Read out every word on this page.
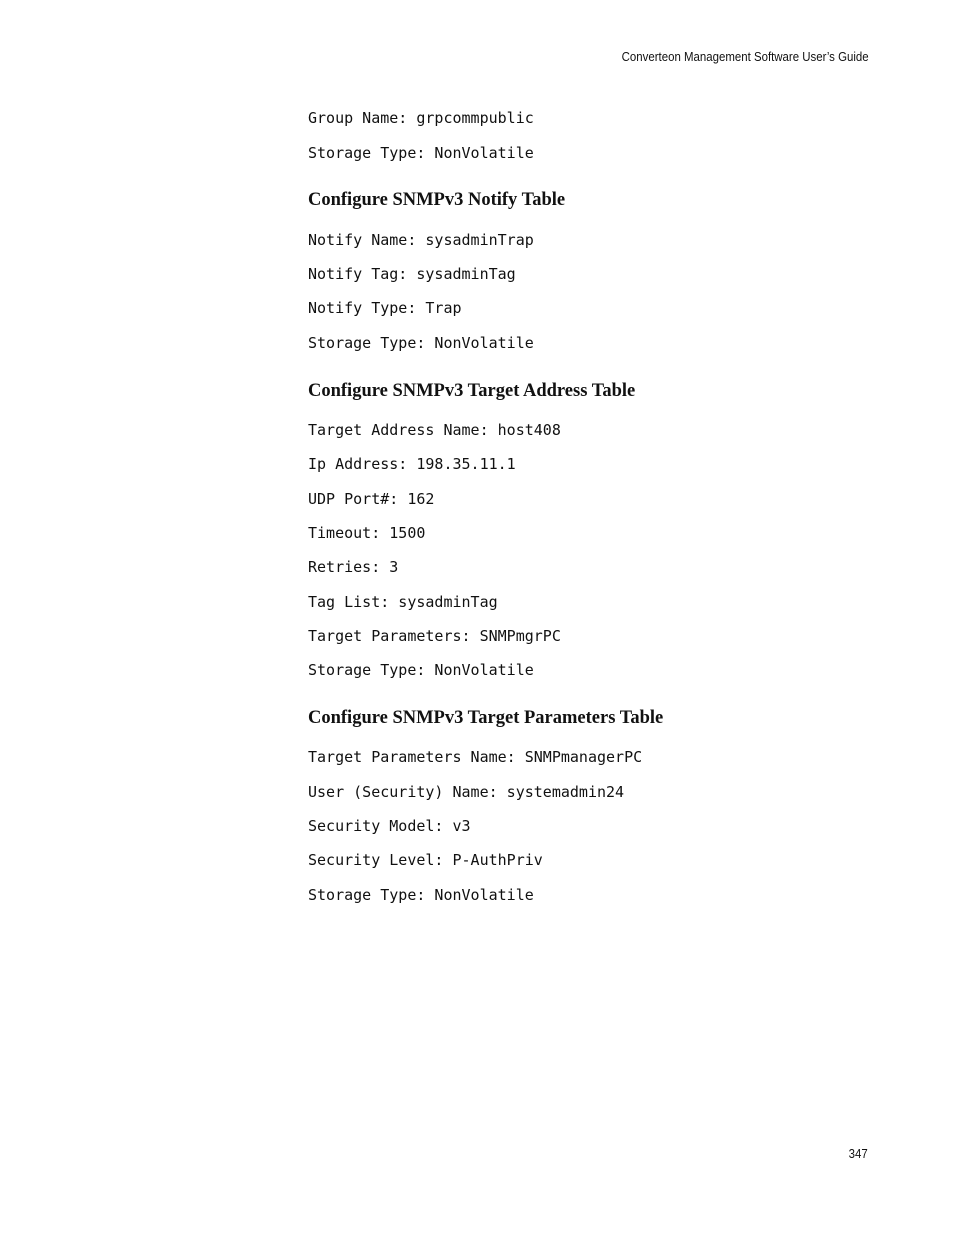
Converteon Management Software User’s Guide
Group Name: grpcommpublic
Storage Type: NonVolatile
Configure SNMPv3 Notify Table
Notify Name: sysadminTrap
Notify Tag: sysadminTag
Notify Type: Trap
Storage Type: NonVolatile
Configure SNMPv3 Target Address Table
Target Address Name: host408
Ip Address: 198.35.11.1
UDP Port#: 162
Timeout: 1500
Retries: 3
Tag List: sysadminTag
Target Parameters: SNMPmgrPC
Storage Type: NonVolatile
Configure SNMPv3 Target Parameters Table
Target Parameters Name: SNMPmanagerPC
User (Security) Name: systemadmin24
Security Model: v3
Security Level: P-AuthPriv
Storage Type: NonVolatile
347
